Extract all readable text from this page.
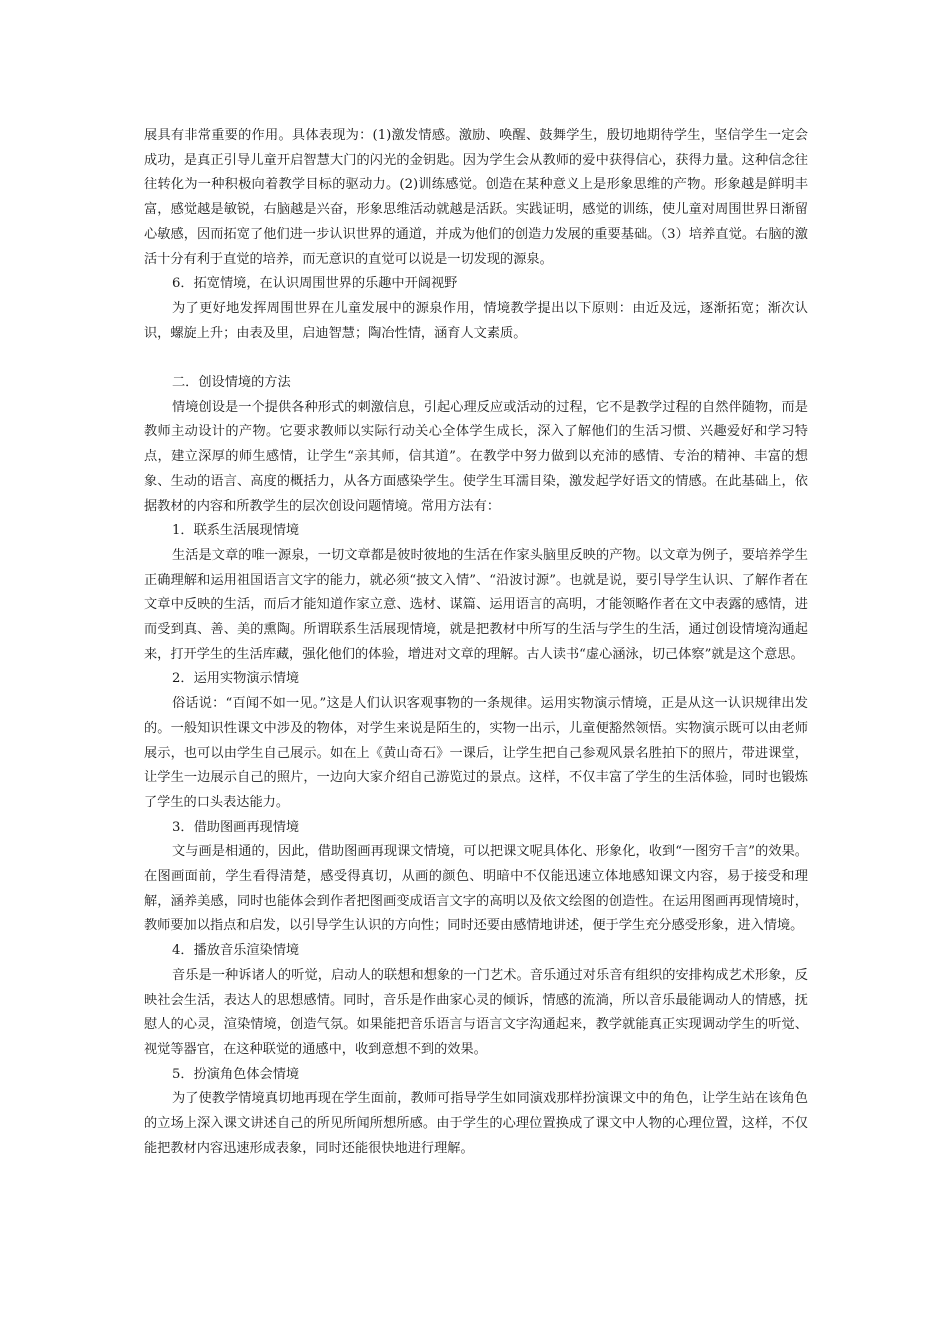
展具有非常重要的作用。具体表现为：(1)激发情感。激励、唤醒、鼓舞学生，殷切地期待学生，坚信学生一定会成功，是真正引导儿童开启智慧大门的闪光的金钥匙。因为学生会从教师的爱中获得信心，获得力量。这种信念往往转化为一种积极向着教学目标的驱动力。(2)训练感觉。创造在某种意义上是形象思维的产物。形象越是鲜明丰富，感觉越是敏锐，右脑越是兴奋，形象思维活动就越是活跃。实践证明，感觉的训练，使儿童对周围世界日渐留心敏感，因而拓宽了他们进一步认识世界的通道，并成为他们的创造力发展的重要基础。（3）培养直觉。右脑的激活十分有利于直觉的培养，而无意识的直觉可以说是一切发现的源泉。

6．拓宽情境，在认识周围世界的乐趣中开阔视野

为了更好地发挥周围世界在儿童发展中的源泉作用，情境教学提出以下原则：由近及远，逐渐拓宽；渐次认识，螺旋上升；由表及里，启迪智慧；陶冶性情，涵育人文素质。

二．创设情境的方法

情境创设是一个提供各种形式的刺激信息，引起心理反应或活动的过程，它不是教学过程的自然伴随物，而是教师主动设计的产物。它要求教师以实际行动关心全体学生成长，深入了解他们的生活习惯、兴趣爱好和学习特点，建立深厚的师生感情，让学生“亲其师，信其道”。在教学中努力做到以充沛的感情、专治的精神、丰富的想象、生动的语言、高度的概括力，从各方面感染学生。使学生耳濡目染，激发起学好语文的情感。在此基础上，依据教材的内容和所教学生的层次创设问题情境。常用方法有：

1．联系生活展现情境

生活是文章的唯一源泉，一切文章都是彼时彼地的生活在作家头脑里反映的产物。以文章为例子，要培养学生正确理解和运用祖国语言文字的能力，就必须“披文入情”、“沿波讨源”。也就是说，要引导学生认识、了解作者在文章中反映的生活，而后才能知道作家立意、选材、谋篇、运用语言的高明，才能领略作者在文中表露的感情，进而受到真、善、美的熏陶。所谓联系生活展现情境，就是把教材中所写的生活与学生的生活，通过创设情境沟通起来，打开学生的生活库藏，强化他们的体验，增进对文章的理解。古人读书“虚心涵泳，切己体察”就是这个意思。

2．运用实物演示情境

俗话说：“百闻不如一见。”这是人们认识客观事物的一条规律。运用实物演示情境，正是从这一认识规律出发的。一般知识性课文中涉及的物体，对学生来说是陌生的，实物一出示，儿童便豁然领悟。实物演示既可以由老师展示，也可以由学生自己展示。如在上《黄山奇石》一课后，让学生把自己参观风景名胜拍下的照片，带进课堂，让学生一边展示自己的照片，一边向大家介绍自己游览过的景点。这样，不仅丰富了学生的生活体验，同时也锻炼了学生的口头表达能力。

3．借助图画再现情境

文与画是相通的，因此，借助图画再现课文情境，可以把课文呢具体化、形象化，收到“一图穷千言”的效果。在图画面前，学生看得清楚，感受得真切，从画的颜色、明暗中不仅能迅速立体地感知课文内容，易于接受和理解，涵养美感，同时也能体会到作者把图画变成语言文字的高明以及依文绘图的创造性。在运用图画再现情境时，教师要加以指点和启发，以引导学生认识的方向性；同时还要由感情地讲述，便于学生充分感受形象，进入情境。

4．播放音乐渲染情境

音乐是一种诉诸人的听觉，启动人的联想和想象的一门艺术。音乐通过对乐音有组织的安排构成艺术形象，反映社会生活，表达人的思想感情。同时，音乐是作曲家心灵的倾诉，情感的流淌，所以音乐最能调动人的情感，抚慰人的心灵，渲染情境，创造气氛。如果能把音乐语言与语言文字沟通起来，教学就能真正实现调动学生的听觉、视觉等器官，在这种联觉的通感中，收到意想不到的效果。

5．扮演角色体会情境

为了使教学情境真切地再现在学生面前，教师可指导学生如同演戏那样扮演课文中的角色，让学生站在该角色的立场上深入课文讲述自己的所见所闻所想所感。由于学生的心理位置换成了课文中人物的心理位置，这样，不仅能把教材内容迅速形成表象，同时还能很快地进行理解。
